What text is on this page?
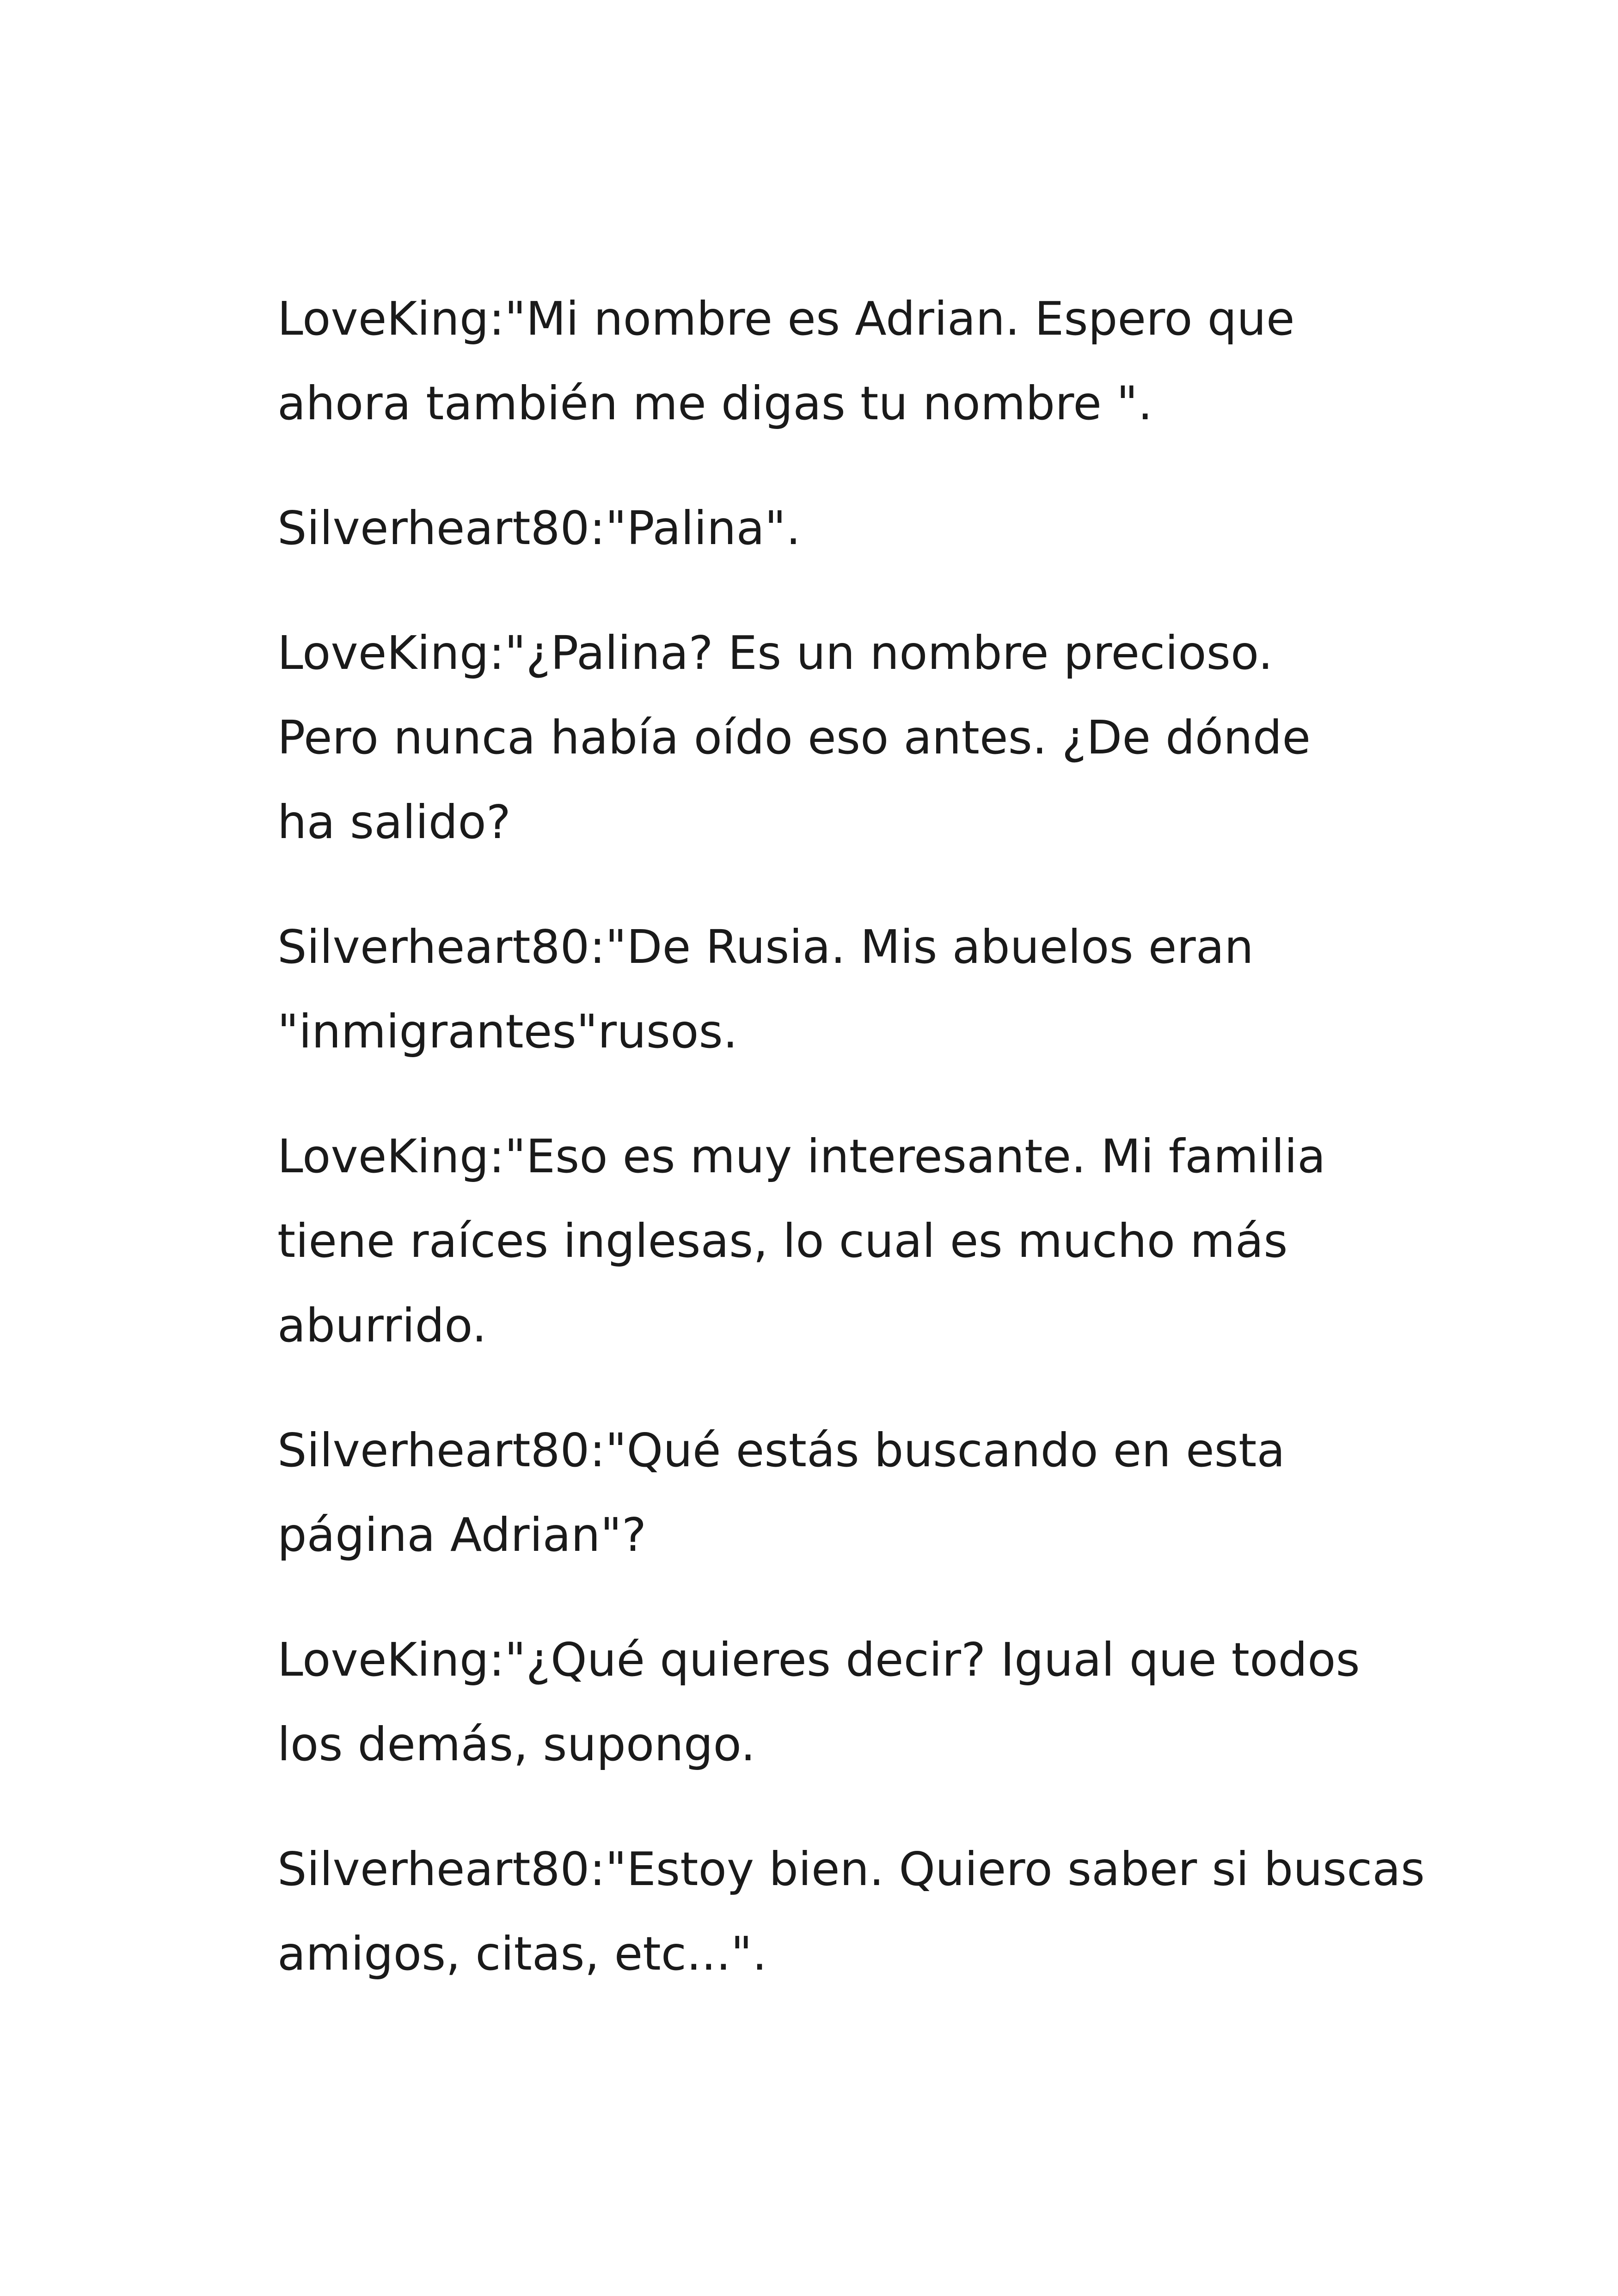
LoveKing:"Mi nombre es Adrian. Espero que
ahora también me digas tu nombre ".
Silverheart80:"Palina".
LoveKing:"¿Palina? Es un nombre precioso.
Pero nunca había oído eso antes. ¿De dónde
ha salido?
Silverheart80:"De Rusia. Mis abuelos eran
"inmigrantes"rusos.
LoveKing:"Eso es muy interesante. Mi familia
tiene raíces inglesas, lo cual es mucho más
aburrido.
Silverheart80:"Qué estás buscando en esta
página Adrian"?
LoveKing:"¿Qué quieres decir? Igual que todos
los demás, supongo.
Silverheart80:"Estoy bien. Quiero saber si buscas
amigos, citas, etc...".
